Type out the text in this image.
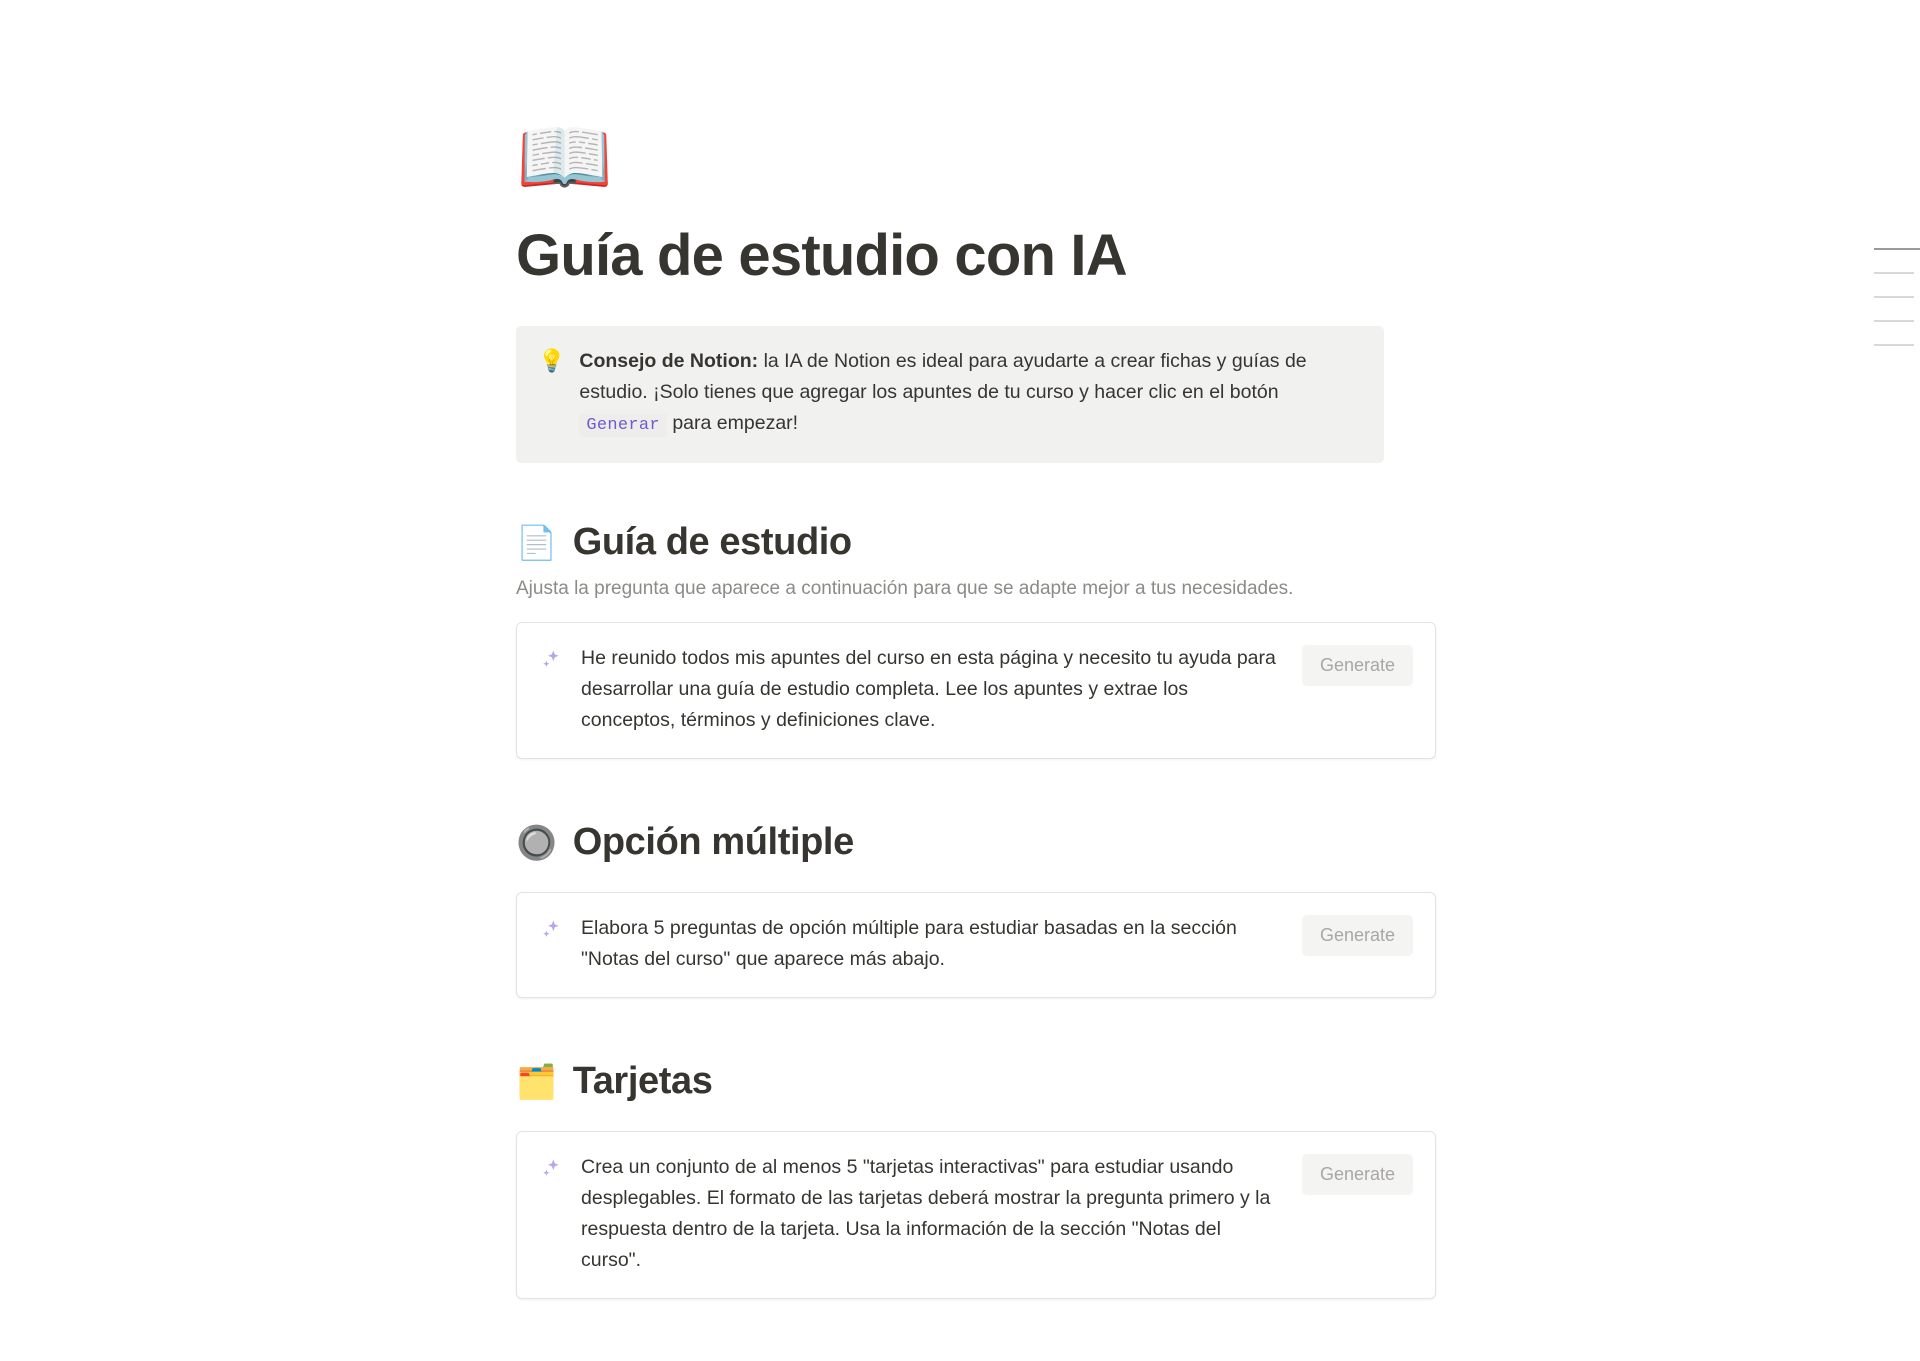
📖
Guía de estudio con IA
💡 Consejo de Notion: la IA de Notion es ideal para ayudarte a crear fichas y guías de estudio. ¡Solo tienes que agregar los apuntes de tu curso y hacer clic en el botón Generar para empezar!
📄 Guía de estudio

Ajusta la pregunta que aparece a continuación para que se adapte mejor a tus necesidades.

He reunido todos mis apuntes del curso en esta página y necesito tu ayuda para desarrollar una guía de estudio completa. Lee los apuntes y extrae los conceptos, términos y definiciones clave.
Generate
🔘 Opción múltiple
Elabora 5 preguntas de opción múltiple para estudiar basadas en la sección "Notas del curso" que aparece más abajo.
Generate
🗂️ Tarjetas
Crea un conjunto de al menos 5 "tarjetas interactivas" para estudiar usando desplegables. El formato de las tarjetas deberá mostrar la pregunta primero y la respuesta dentro de la tarjeta. Usa la información de la sección "Notas del curso".
Generate
